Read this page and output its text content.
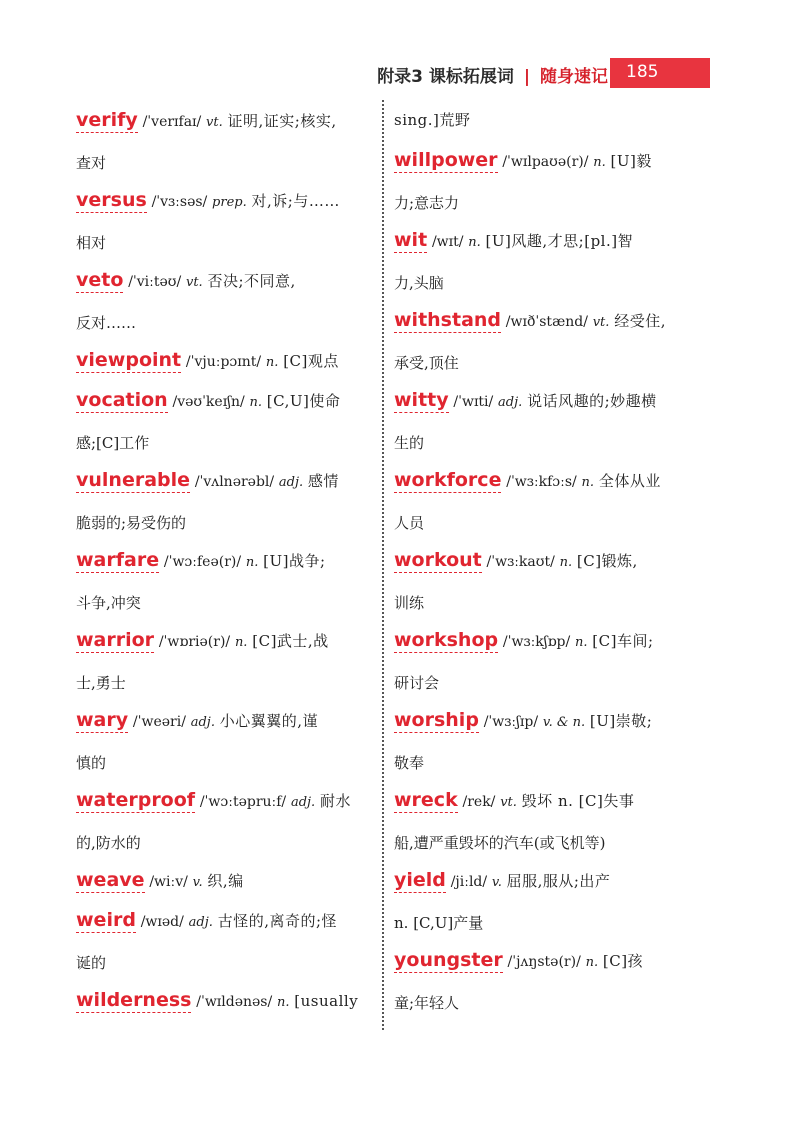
附录3 课标拓展词 | 随身速记 185
verify /ˈverɪfaɪ/ vt. 证明,证实;核实,
查对
versus /ˈvɜːsəs/ prep. 对,诉;与……
相对
veto /ˈviːtəʊ/ vt. 否决;不同意,
反对……
viewpoint /ˈvjuːpɔɪnt/ n. [C]观点
vocation /vəʊˈkeɪʃn/ n. [C,U]使命
感;[C]工作
vulnerable /ˈvʌlnərəbl/ adj. 感情
脆弱的;易受伤的
warfare /ˈwɔːfeə(r)/ n. [U]战争;
斗争,冲突
warrior /ˈwɒriə(r)/ n. [C]武士,战
士,勇士
wary /ˈweəri/ adj. 小心翼翼的,谨
慎的
waterproof /ˈwɔːtəpruːf/ adj. 耐水
的,防水的
weave /wiːv/ v. 织,编
weird /wɪəd/ adj. 古怪的,离奇的;怪
诞的
wilderness /ˈwɪldənəs/ n. [usually
sing.]荒野
willpower /ˈwɪlpaʊə(r)/ n. [U]毅
力;意志力
wit /wɪt/ n. [U]风趣,才思;[pl.]智
力,头脑
withstand /wɪðˈstænd/ vt. 经受住,
承受,顶住
witty /ˈwɪti/ adj. 说话风趣的;妙趣横
生的
workforce /ˈwɜːkfɔːs/ n. 全体从业
人员
workout /ˈwɜːkaʊt/ n. [C]锻炼,
训练
workshop /ˈwɜːkʃɒp/ n. [C]车间;
研讨会
worship /ˈwɜːʃɪp/ v. & n. [U]崇敬;
敬奉
wreck /rek/ vt. 毁坏 n. [C]失事
船,遭严重毁坏的汽车(或飞机等)
yield /jiːld/ v. 屈服,服从;出产
n. [C,U]产量
youngster /ˈjʌŋstə(r)/ n. [C]孩
童;年轻人
